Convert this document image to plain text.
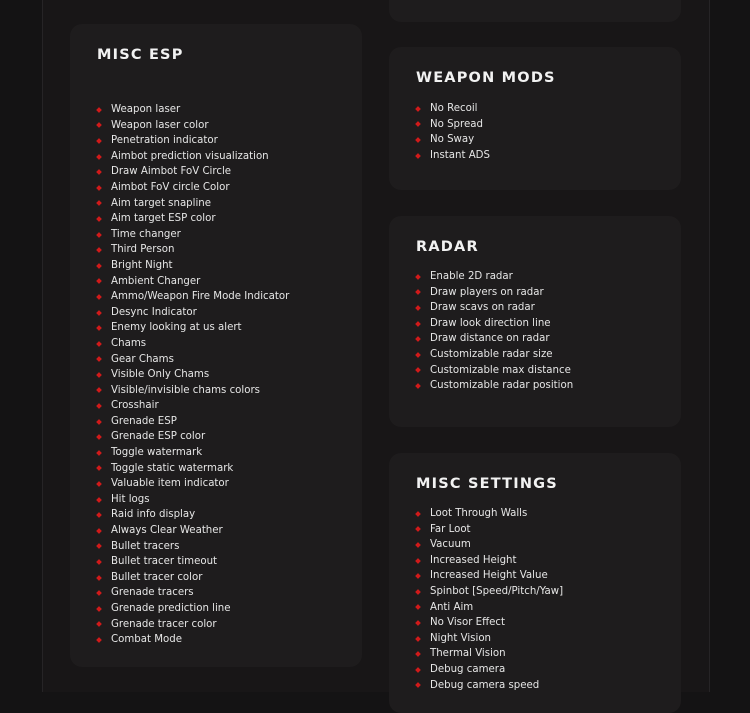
MISC ESP
Weapon laser
Weapon laser color
Penetration indicator
Aimbot prediction visualization
Draw Aimbot FoV Circle
Aimbot FoV circle Color
Aim target snapline
Aim target ESP color
Time changer
Third Person
Bright Night
Ambient Changer
Ammo/Weapon Fire Mode Indicator
Desync Indicator
Enemy looking at us alert
Chams
Gear Chams
Visible Only Chams
Visible/invisible chams colors
Crosshair
Grenade ESP
Grenade ESP color
Toggle watermark
Toggle static watermark
Valuable item indicator
Hit logs
Raid info display
Always Clear Weather
Bullet tracers
Bullet tracer timeout
Bullet tracer color
Grenade tracers
Grenade prediction line
Grenade tracer color
Combat Mode
WEAPON MODS
No Recoil
No Spread
No Sway
Instant ADS
RADAR
Enable 2D radar
Draw players on radar
Draw scavs on radar
Draw look direction line
Draw distance on radar
Customizable radar size
Customizable max distance
Customizable radar position
MISC SETTINGS
Loot Through Walls
Far Loot
Vacuum
Increased Height
Increased Height Value
Spinbot [Speed/Pitch/Yaw]
Anti Aim
No Visor Effect
Night Vision
Thermal Vision
Debug camera
Debug camera speed
